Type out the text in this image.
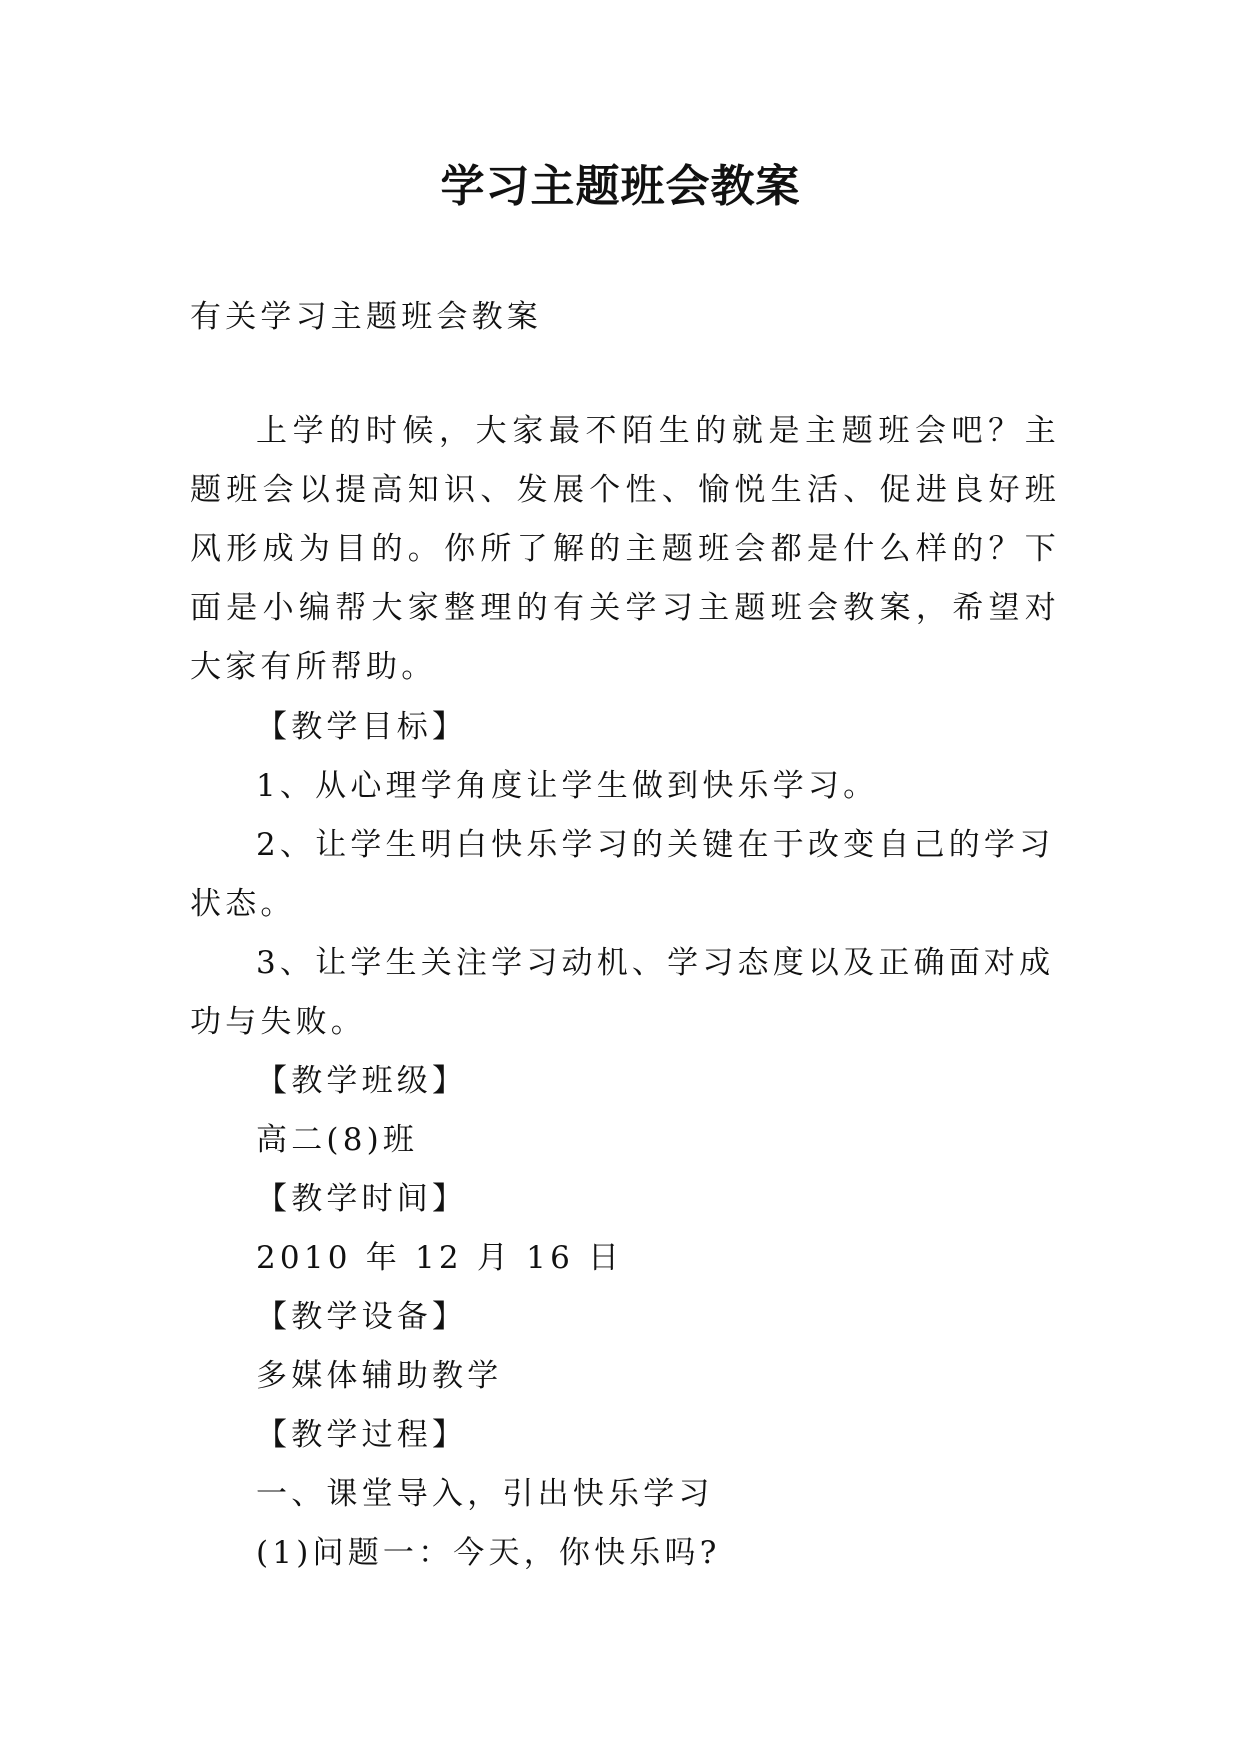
学习主题班会教案

有关学习主题班会教案

上学的时候，大家最不陌生的就是主题班会吧？主题班会以提高知识、发展个性、愉悦生活、促进良好班风形成为目的。你所了解的主题班会都是什么样的？下面是小编帮大家整理的有关学习主题班会教案，希望对大家有所帮助。

【教学目标】
1、从心理学角度让学生做到快乐学习。
2、让学生明白快乐学习的关键在于改变自己的学习状态。
3、让学生关注学习动机、学习态度以及正确面对成功与失败。
【教学班级】
高二(8)班
【教学时间】
2010 年 12 月 16 日
【教学设备】
多媒体辅助教学
【教学过程】
一、课堂导入，引出快乐学习
(1)问题一：今天，你快乐吗?
